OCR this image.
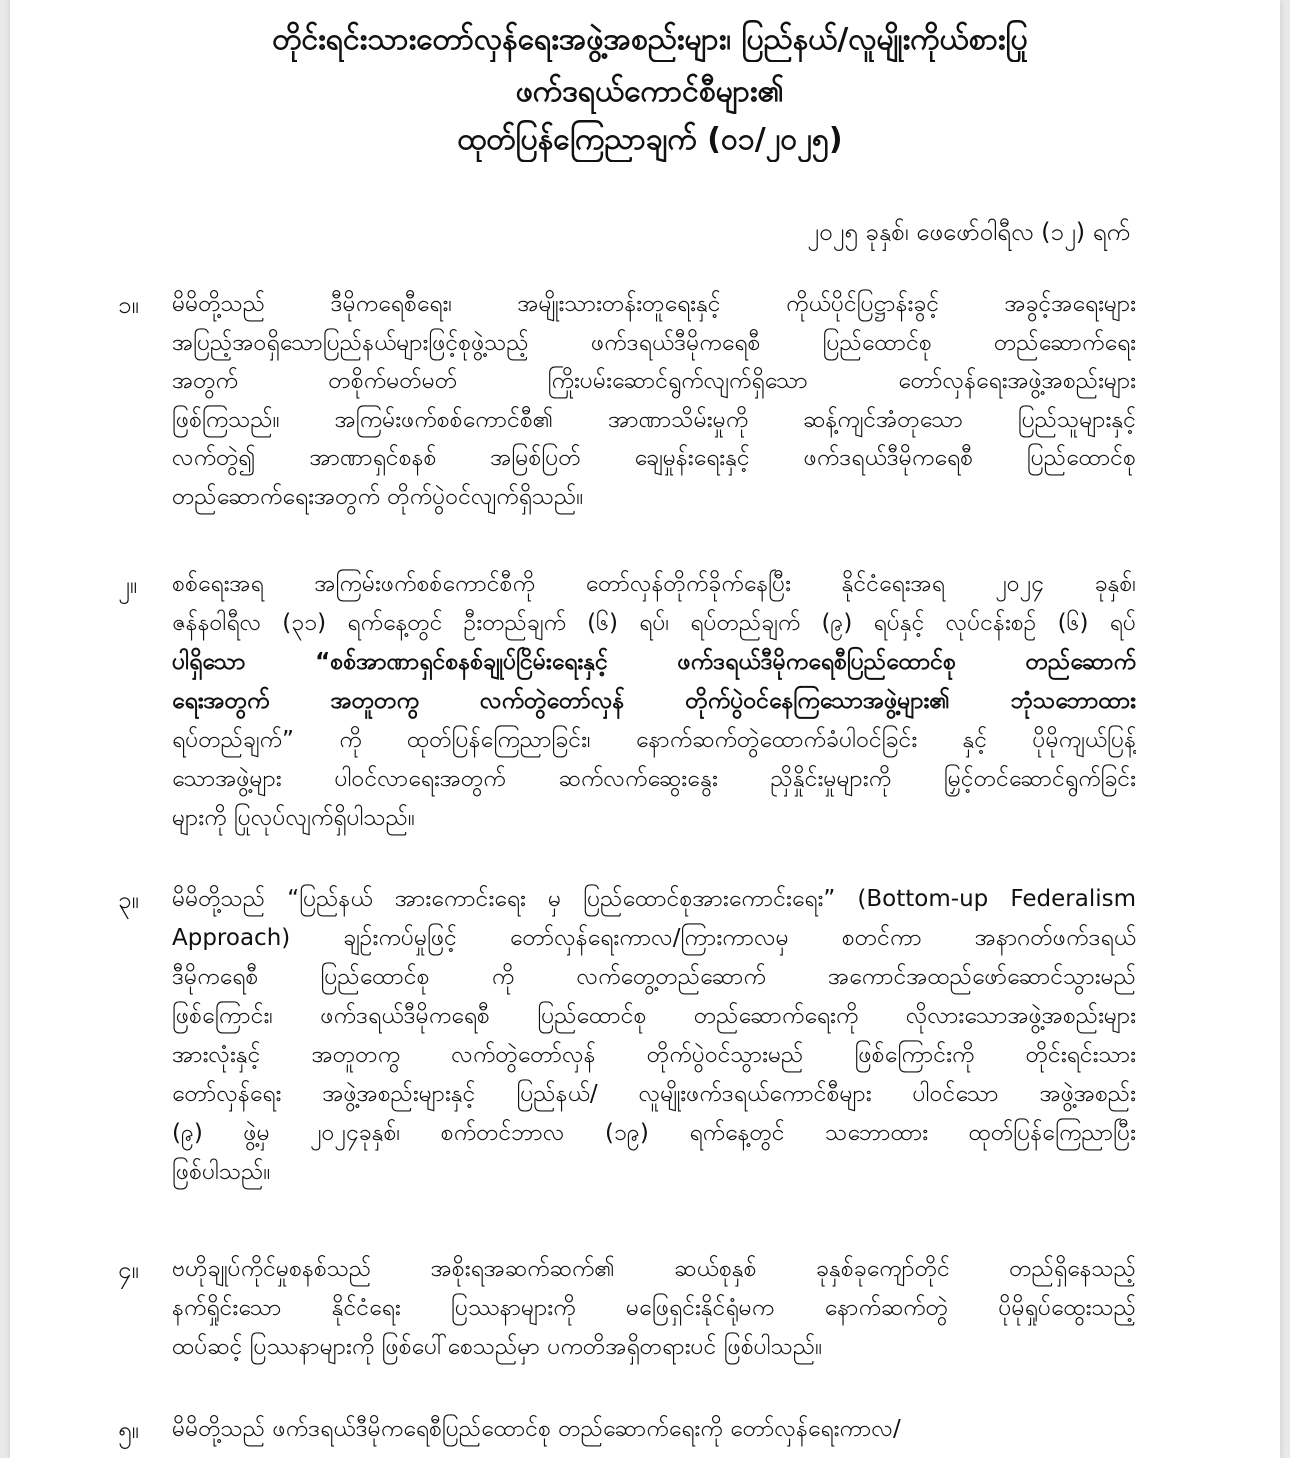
တိုင်းရင်းသားတော်လှန်ရေးအဖွဲ့အစည်းများ၊ ပြည်နယ်/လူမျိုးကိုယ်စားပြု
ဖက်ဒရယ်ကောင်စီများ၏
ထုတ်ပြန်ကြေညာချက် (၀၁/၂၀၂၅)
၂၀၂၅ ခုနှစ်၊ ဖေဖော်ဝါရီလ (၁၂) ရက်
၁။	မိမိတို့သည် ဒီမိုကရေစီရေး၊ အမျိုးသားတန်းတူရေးနှင့် ကိုယ်ပိုင်ပြဋ္ဌာန်းခွင့် အခွင့်အရေးများ
အပြည့်အဝရှိသောပြည်နယ်များဖြင့်စုဖွဲ့သည့် ဖက်ဒရယ်ဒီမိုကရေစီ ပြည်ထောင်စု တည်ဆောက်ရေး
အတွက် တစိုက်မတ်မတ် ကြိုးပမ်းဆောင်ရွက်လျက်ရှိသော တော်လှန်ရေးအဖွဲ့အစည်းများ
ဖြစ်ကြသည်။ အကြမ်းဖက်စစ်ကောင်စီ၏ အာဏာသိမ်းမှုကို ဆန့်ကျင်အံတုသော ပြည်သူများနှင့်
လက်တွဲ၍ အာဏာရှင်စနစ် အမြစ်ပြတ် ချေမှုန်းရေးနှင့် ဖက်ဒရယ်ဒီမိုကရေစီ ပြည်ထောင်စု
တည်ဆောက်ရေးအတွက် တိုက်ပွဲဝင်လျက်ရှိသည်။
၂။	စစ်ရေးအရ အကြမ်းဖက်စစ်ကောင်စီကို တော်လှန်တိုက်ခိုက်နေပြီး နိုင်ငံရေးအရ ၂၀၂၄ ခုနှစ်၊
ဇန်နဝါရီလ (၃၁) ရက်နေ့တွင် ဦးတည်ချက် (၆) ရပ်၊ ရပ်တည်ချက် (၉) ရပ်နှင့် လုပ်ငန်းစဉ် (၆) ရပ်
ပါရှိသော “စစ်အာဏာရှင်စနစ်ချုပ်ငြိမ်းရေးနှင့် ဖက်ဒရယ်ဒီမိုကရေစီပြည်ထောင်စု တည်ဆောက်
ရေးအတွက် အတူတကွ လက်တွဲတော်လှန် တိုက်ပွဲဝင်နေကြသောအဖွဲ့များ၏ ဘုံသဘောထား
ရပ်တည်ချက်” ကို ထုတ်ပြန်ကြေညာခြင်း၊ နောက်ဆက်တွဲထောက်ခံပါဝင်ခြင်း နှင့် ပိုမိုကျယ်ပြန့်
သောအဖွဲ့များ ပါဝင်လာရေးအတွက် ဆက်လက်ဆွေးနွေး ညှိနှိုင်းမှုများကို မြှင့်တင်ဆောင်ရွက်ခြင်း
များကို ပြုလုပ်လျက်ရှိပါသည်။
၃။	မိမိတို့သည် “ပြည်နယ် အားကောင်းရေး မှ ပြည်ထောင်စုအားကောင်းရေး” (Bottom-up Federalism
Approach) ချဉ်းကပ်မှုဖြင့် တော်လှန်ရေးကာလ/ကြားကာလမှ စတင်ကာ အနာဂတ်ဖက်ဒရယ်
ဒီမိုကရေစီ ပြည်ထောင်စု ကို လက်တွေ့တည်ဆောက် အကောင်အထည်ဖော်ဆောင်သွားမည်
ဖြစ်ကြောင်း၊ ဖက်ဒရယ်ဒီမိုကရေစီ ပြည်ထောင်စု တည်ဆောက်ရေးကို လိုလားသောအဖွဲ့အစည်းများ
အားလုံးနှင့် အတူတကွ လက်တွဲတော်လှန် တိုက်ပွဲဝင်သွားမည် ဖြစ်ကြောင်းကို တိုင်းရင်းသား
တော်လှန်ရေး အဖွဲ့အစည်းများနှင့် ပြည်နယ်/ လူမျိုးဖက်ဒရယ်ကောင်စီများ ပါဝင်သော အဖွဲ့အစည်း
(၉) ဖွဲ့မှ ၂၀၂၄ခုနှစ်၊ စက်တင်ဘာလ (၁၉) ရက်နေ့တွင် သဘောထား ထုတ်ပြန်ကြေညာပြီး
ဖြစ်ပါသည်။
၄။	ဗဟိုချုပ်ကိုင်မှုစနစ်သည် အစိုးရအဆက်ဆက်၏ ဆယ်စုနှစ် ခုနှစ်ခုကျော်တိုင် တည်ရှိနေသည့်
နက်ရှိုင်းသော နိုင်ငံရေး ပြဿနာများကို မဖြေရှင်းနိုင်ရုံမက နောက်ဆက်တွဲ ပိုမိုရှုပ်ထွေးသည့်
ထပ်ဆင့် ပြဿနာများကို ဖြစ်ပေါ်စေသည်မှာ ပကတိအရှိတရားပင် ဖြစ်ပါသည်။
၅။	မိမိတို့သည် ဖက်ဒရယ်ဒီမိုကရေစီပြည်ထောင်စု တည်ဆောက်ရေးကို တော်လှန်ရေးကာလ/
